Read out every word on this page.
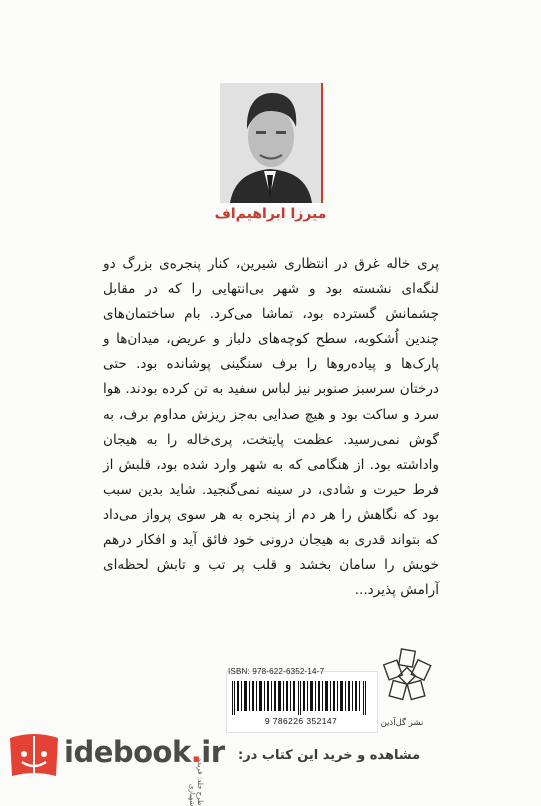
میرزا ابراهیم‌اف

پری خاله غرق در انتظاری شیرین، کنار پنجره‌ی بزرگ دو لنگه‌ای نشسته بود و شهر بی‌انتهایی را که در مقابل چشمانش گسترده بود، تماشا می‌کرد. بام ساختمان‌های چندین اُشکوبه، سطح کوچه‌های دلباز و عریض، میدان‌ها و پارک‌ها و پیاده‌روها را برف سنگینی پوشانده بود. حتی درختان سرسبز صنوبر نیز لباس سفید به تن کرده بودند. هوا سرد و ساکت بود و هیچ صدایی به‌جز ریزش مداوم برف، به گوش نمی‌رسید. عظمت پایتخت، پری‌خاله را به هیجان واداشته بود. از هنگامی که به شهر وارد شده بود، قلبش از فرط حیرت و شادی، در سینه نمی‌گنجید. شاید بدین سبب بود که نگاهش را هر دم از پنجره به هر سوی پرواز می‌داد که بتواند قدری به هیجان درونی خود فائق آید و افکار درهم خویش را سامان بخشد و قلب پر تب و تابش لحظه‌ای آرامش پذیرد...

ISBN: 978-622-6352-14-7
9 786226 352147
طرح جلد: فریده شهبازی
نشر گل‌آذین
idebook.ir مشاهده و خرید این کتاب در:
